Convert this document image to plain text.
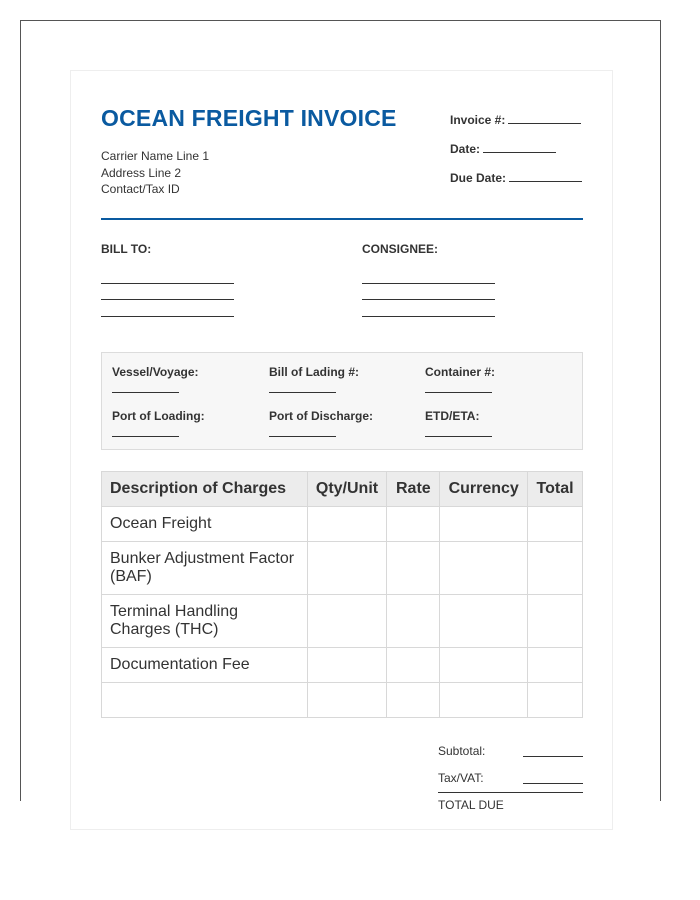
OCEAN FREIGHT INVOICE
Carrier Name Line 1
Address Line 2
Contact/Tax ID
Invoice #:
Date:
Due Date:
BILL TO:	CONSIGNEE:
Vessel/Voyage:	Bill of Lading #:	Container #:
Port of Loading:	Port of Discharge:	ETD/ETA:
Description of Charges	Qty/Unit	Rate	Currency	Total
Ocean Freight				
Bunker Adjustment Factor (BAF)				
Terminal Handling Charges (THC)				
Documentation Fee				

Subtotal:
Tax/VAT:
TOTAL DUE
